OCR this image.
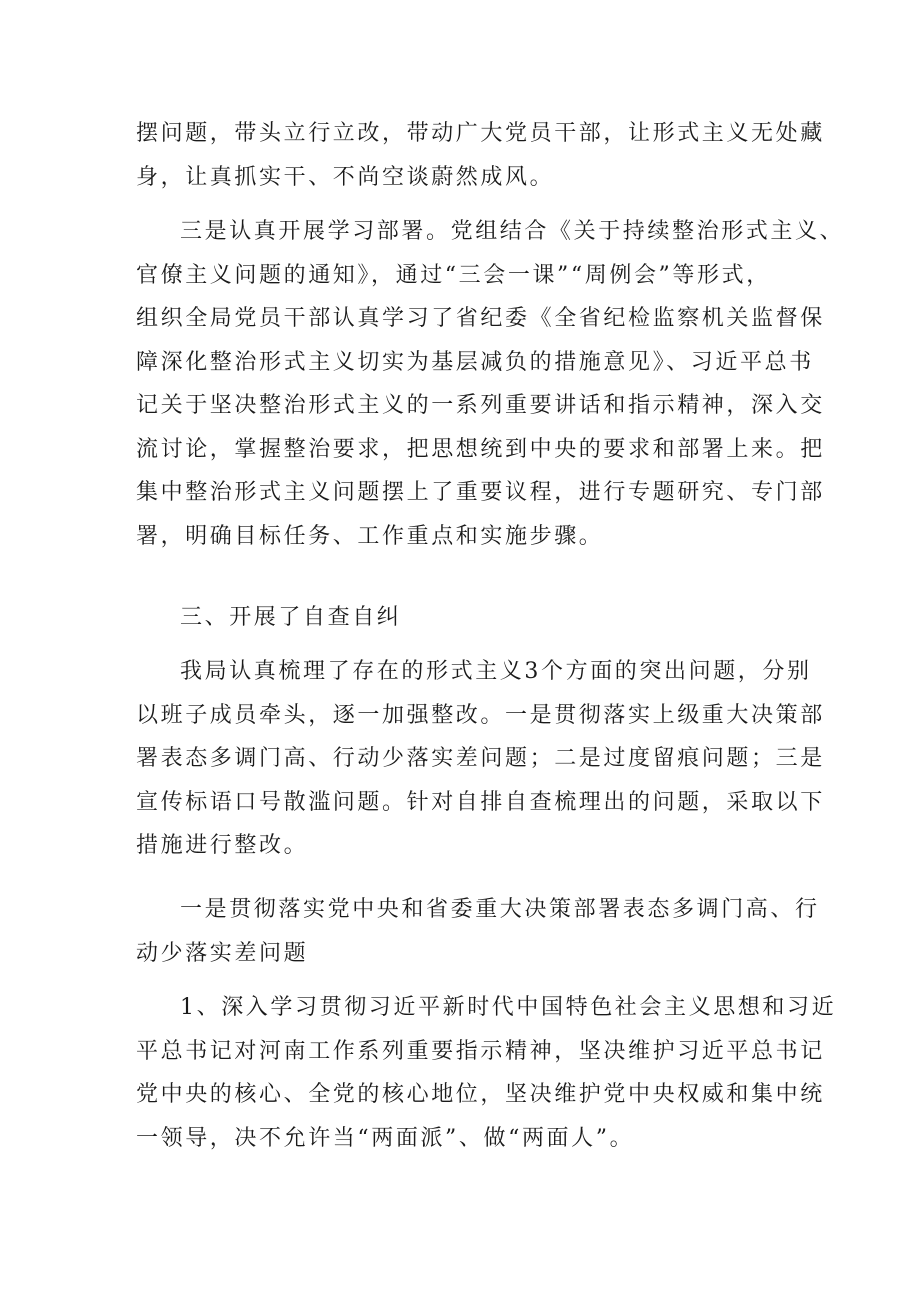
摆问题，带头立行立改，带动广大党员干部，让形式主义无处藏
身，让真抓实干、不尚空谈蔚然成风。
三是认真开展学习部署。党组结合《关于持续整治形式主义、
官僚主义问题的通知》，通过“三会一课”“周例会”等形式，
组织全局党员干部认真学习了省纪委《全省纪检监察机关监督保
障深化整治形式主义切实为基层减负的措施意见》、习近平总书
记关于坚决整治形式主义的一系列重要讲话和指示精神，深入交
流讨论，掌握整治要求，把思想统到中央的要求和部署上来。把
集中整治形式主义问题摆上了重要议程，进行专题研究、专门部
署，明确目标任务、工作重点和实施步骤。
三、开展了自查自纠
我局认真梳理了存在的形式主义3个方面的突出问题，分别
以班子成员牵头，逐一加强整改。一是贯彻落实上级重大决策部
署表态多调门高、行动少落实差问题；二是过度留痕问题；三是
宣传标语口号散滥问题。针对自排自查梳理出的问题，采取以下
措施进行整改。
一是贯彻落实党中央和省委重大决策部署表态多调门高、行
动少落实差问题
1、深入学习贯彻习近平新时代中国特色社会主义思想和习近
平总书记对河南工作系列重要指示精神，坚决维护习近平总书记
党中央的核心、全党的核心地位，坚决维护党中央权威和集中统
一领导，决不允许当“两面派”、做“两面人”。
